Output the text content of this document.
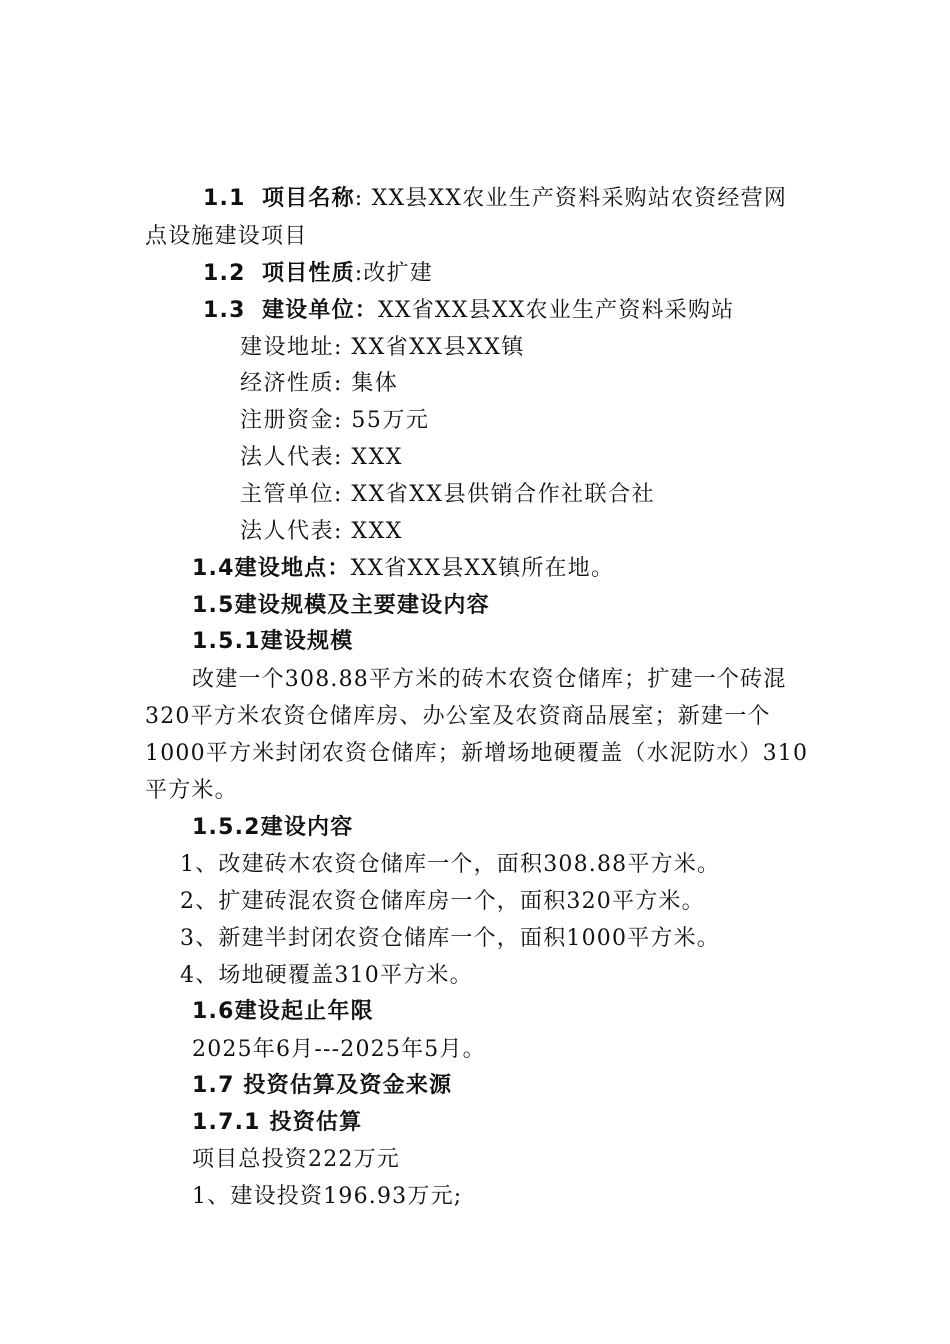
1.1 项目名称: XX县XX农业生产资料采购站农资经营网
点设施建设项目
1.2 项目性质:改扩建
1.3 建设单位：XX省XX县XX农业生产资料采购站
建设地址: XX省XX县XX镇
经济性质: 集体
注册资金: 55万元
法人代表: XXX
主管单位: XX省XX县供销合作社联合社
法人代表: XXX
1.4建设地点：XX省XX县XX镇所在地。
1.5建设规模及主要建设内容
1.5.1建设规模
改建一个308.88平方米的砖木农资仓储库；扩建一个砖混
320平方米农资仓储库房、办公室及农资商品展室；新建一个
1000平方米封闭农资仓储库；新增场地硬覆盖（水泥防水）310
平方米。
1.5.2建设内容
1、改建砖木农资仓储库一个，面积308.88平方米。
2、扩建砖混农资仓储库房一个，面积320平方米。
3、新建半封闭农资仓储库一个，面积1000平方米。
4、场地硬覆盖310平方米。
1.6建设起止年限
2025年6月---2025年5月。
1.7 投资估算及资金来源
1.7.1 投资估算
项目总投资222万元
1、建设投资196.93万元;
